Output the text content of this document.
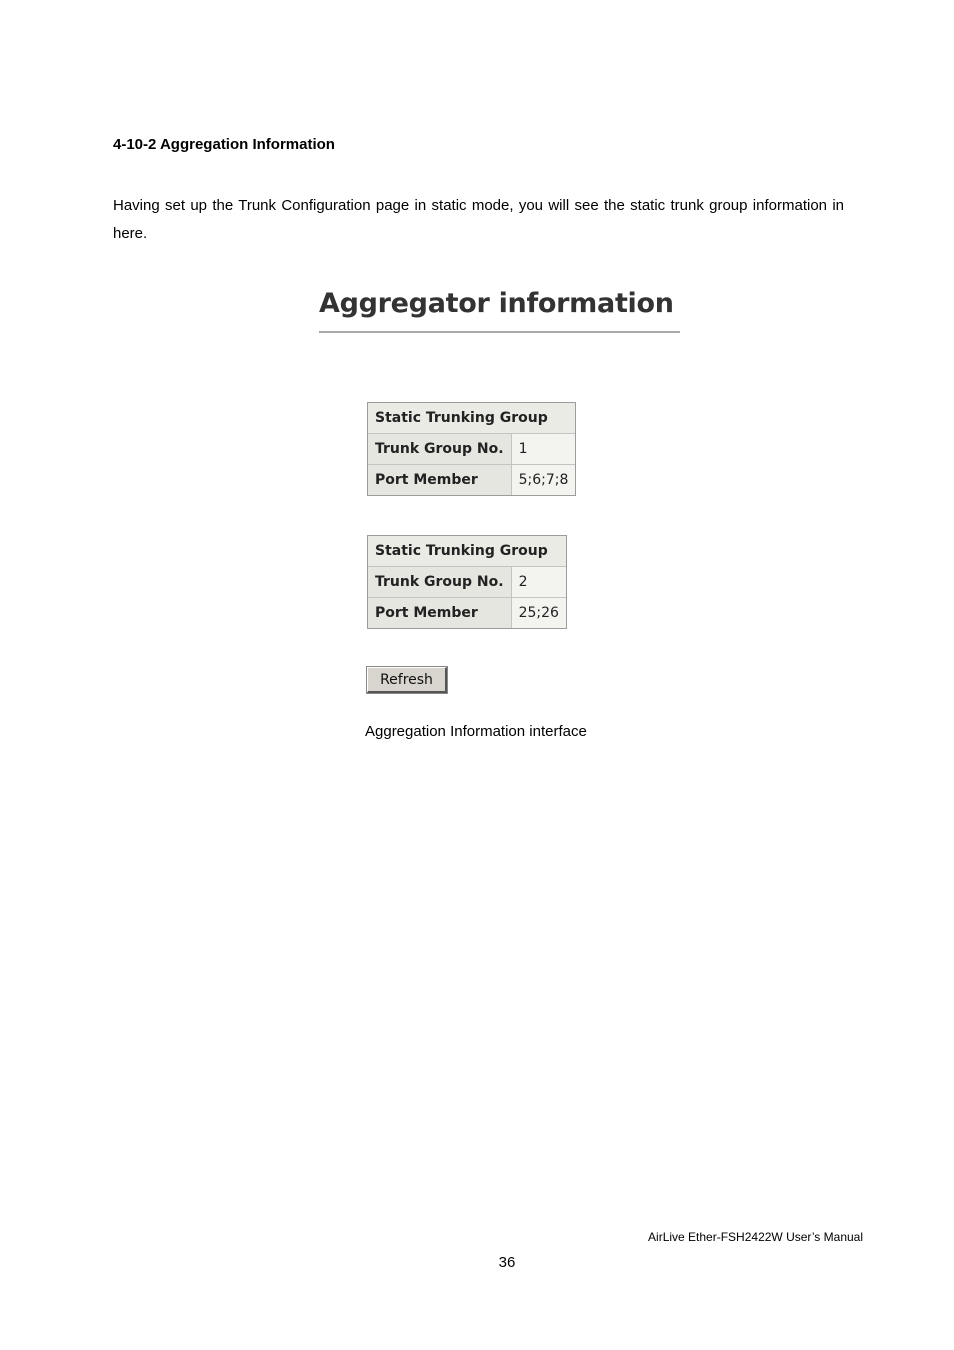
4-10-2 Aggregation Information

Having set up the Trunk Configuration page in static mode, you will see the static trunk group information in here.

Aggregator information
Static Trunking Group	
Trunk Group No.	1
Port Member	5;6;7;8
Static Trunking Group	
Trunk Group No.	2
Port Member	25;26
Refresh

Aggregation Information interface

AirLive Ether-FSH2422W User’s Manual

36
